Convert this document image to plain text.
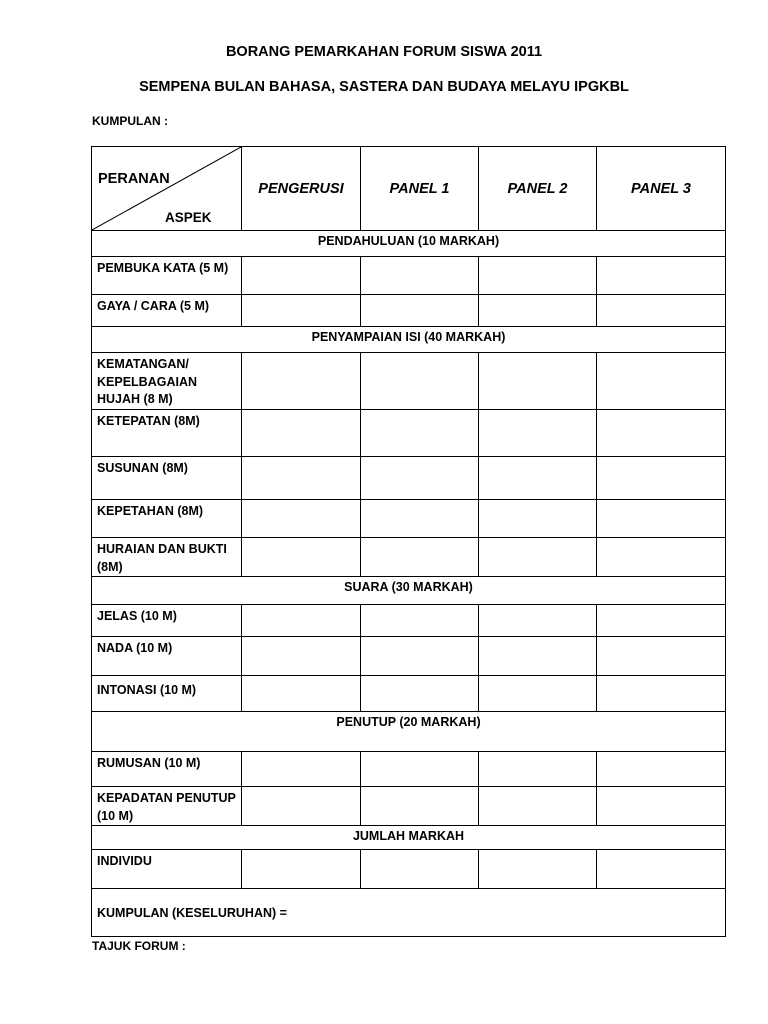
BORANG PEMARKAHAN FORUM SISWA 2011
SEMPENA BULAN BAHASA, SASTERA DAN BUDAYA MELAYU IPGKBL
KUMPULAN :
PERANAN
ASPEK	PENGERUSI	PANEL 1	PANEL 2	PANEL 3
PENDAHULUAN (10 MARKAH)				
PEMBUKA KATA (5 M)				
GAYA / CARA (5 M)				
PENYAMPAIAN ISI (40 MARKAH)				
KEMATANGAN/ KEPELBAGAIAN HUJAH (8 M)				
KETEPATAN (8M)				
SUSUNAN (8M)				
KEPETAHAN (8M)				
HURAIAN DAN BUKTI (8M)				
SUARA (30 MARKAH)				
JELAS (10 M)				
NADA (10 M)				
INTONASI (10 M)				
PENUTUP (20 MARKAH)				
RUMUSAN (10 M)				
KEPADATAN PENUTUP (10 M)				
JUMLAH MARKAH				
INDIVIDU				
KUMPULAN (KESELURUHAN) =				
TAJUK FORUM :
